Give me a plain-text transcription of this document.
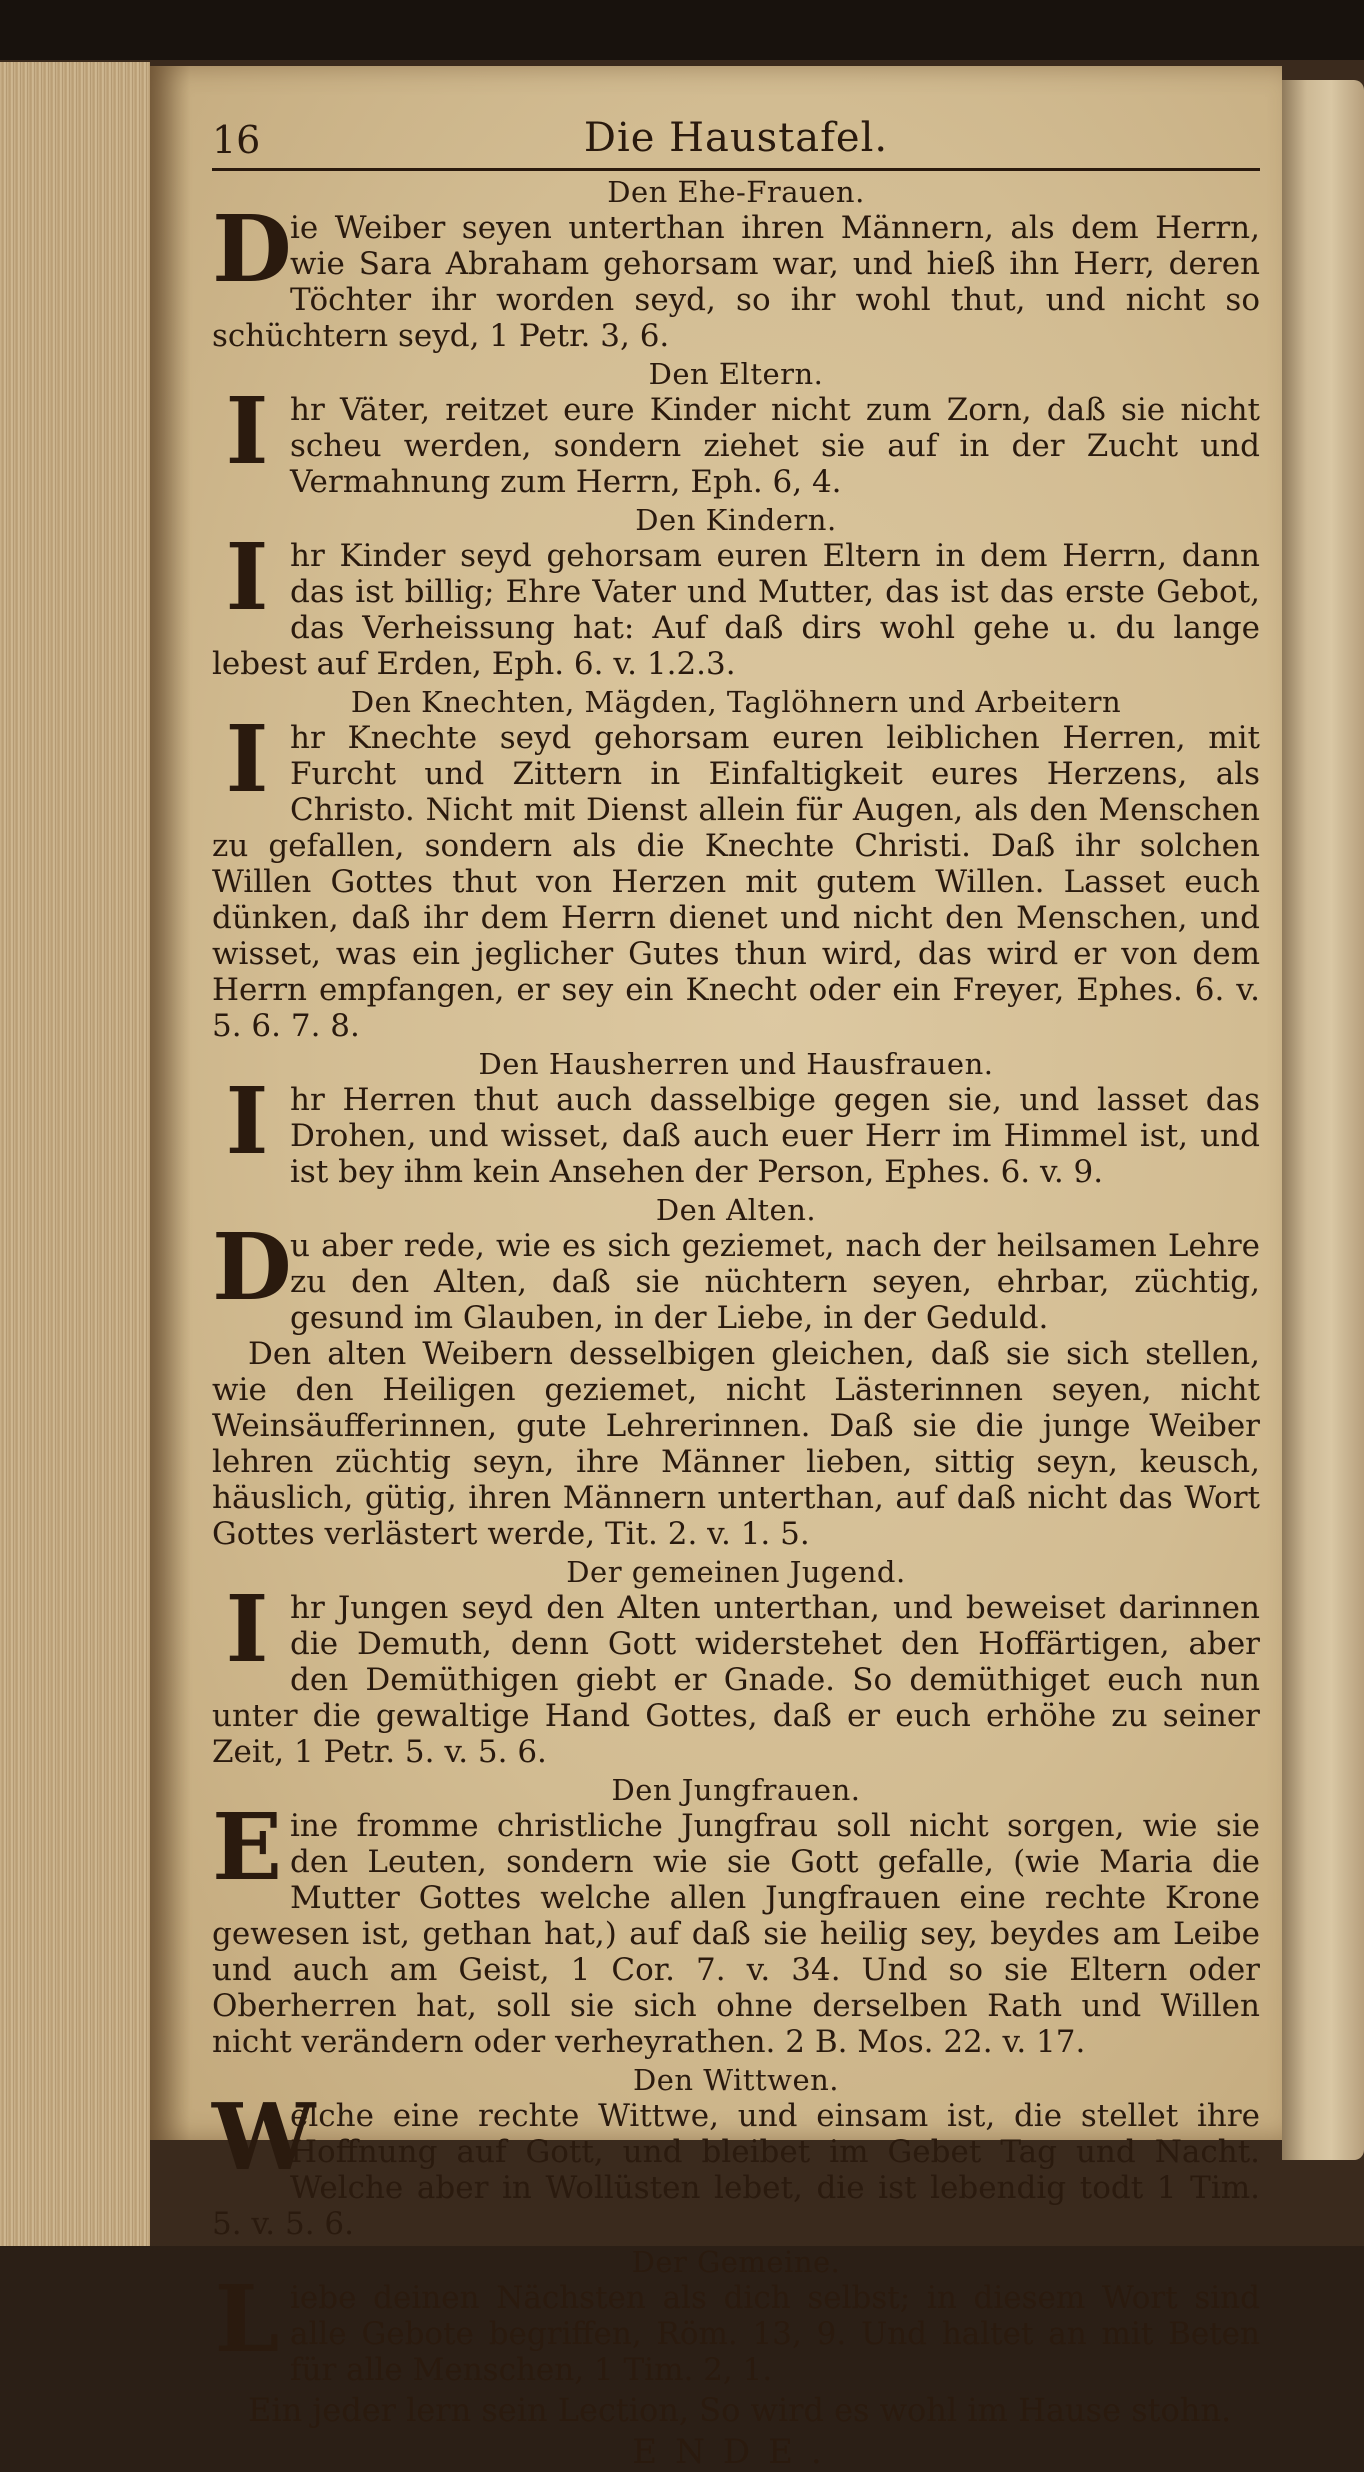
16	Die Haustafel.
Den Ehe-Frauen.

D
ie Weiber seyen unterthan ihren Männern, als dem Herrn, wie Sara Abraham gehorsam war, und hieß ihn Herr, deren Töchter ihr worden seyd, so ihr wohl thut, und nicht so schüchtern seyd, 1 Petr. 3, 6.

Den Eltern.

Ihr Väter, reitzet eure Kinder nicht zum Zorn, daß sie nicht scheu werden, sondern ziehet sie auf in der Zucht und Vermahnung zum Herrn, Eph. 6, 4.

Den Kindern.

Ihr Kinder seyd gehorsam euren Eltern in dem Herrn, dann das ist billig; Ehre Vater und Mutter, das ist das erste Gebot, das Verheissung hat: Auf daß dirs wohl gehe u. du lange lebest auf Erden, Eph. 6. v. 1.2.3.

Den Knechten, Mägden, Taglöhnern und Arbeitern

Ihr Knechte seyd gehorsam euren leiblichen Herren, mit Furcht und Zittern in Einfaltigkeit eures Herzens, als Christo. Nicht mit Dienst allein für Augen, als den Menschen zu gefallen, sondern als die Knechte Christi. Daß ihr solchen Willen Gottes thut von Herzen mit gutem Willen. Lasset euch dünken, daß ihr dem Herrn dienet und nicht den Menschen, und wisset, was ein jeglicher Gutes thun wird, das wird er von dem Herrn empfangen, er sey ein Knecht oder ein Freyer, Ephes. 6. v. 5. 6. 7. 8.

Den Hausherren und Hausfrauen.

Ihr Herren thut auch dasselbige gegen sie, und lasset das Drohen, und wisset, daß auch euer Herr im Himmel ist, und ist bey ihm kein Ansehen der Person, Ephes. 6. v. 9.

Den Alten.

D
u aber rede, wie es sich geziemet, nach der heilsamen Lehre zu den Alten, daß sie nüchtern seyen, ehrbar, züchtig, gesund im Glauben, in der Liebe, in der Geduld.

Den alten Weibern desselbigen gleichen, daß sie sich stellen, wie den Heiligen geziemet, nicht Lästerinnen seyen, nicht Weinsäufferinnen, gute Lehrerinnen. Daß sie die junge Weiber lehren züchtig seyn, ihre Männer lieben, sittig seyn, keusch, häuslich, gütig, ihren Männern unterthan, auf daß nicht das Wort Gottes verlästert werde, Tit. 2. v. 1. 5.

Der gemeinen Jugend.

Ihr Jungen seyd den Alten unterthan, und beweiset darinnen die Demuth, denn Gott widerstehet den Hoffärtigen, aber den Demüthigen giebt er Gnade. So demüthiget euch nun unter die gewaltige Hand Gottes, daß er euch erhöhe zu seiner Zeit, 1 Petr. 5. v. 5. 6.

Den Jungfrauen.

Eine fromme christliche Jungfrau soll nicht sorgen, wie sie den Leuten, sondern wie sie Gott gefalle, (wie Maria die Mutter Gottes welche allen Jungfrauen eine rechte Krone gewesen ist, gethan hat,) auf daß sie heilig sey, beydes am Leibe und auch am Geist, 1 Cor. 7. v. 34. Und so sie Eltern oder Oberherren hat, soll sie sich ohne derselben Rath und Willen nicht verändern oder verheyrathen. 2 B. Mos. 22. v. 17.

Den Wittwen.

W
elche eine rechte Wittwe, und einsam ist, die stellet ihre Hoffnung auf Gott, und bleibet im Gebet Tag und Nacht. Welche aber in Wollüsten lebet, die ist lebendig todt 1 Tim. 5. v. 5. 6.

Der Gemeine.

Liebe deinen Nächsten als dich selbst; in diesem Wort sind alle Gebote begriffen, Röm. 13, 9. Und haltet an mit Beten für alle Menschen, 1 Tim. 2, 1.

Ein jeder lern sein Lection, So wird es wohl im Hause stohn.
ENDE.
